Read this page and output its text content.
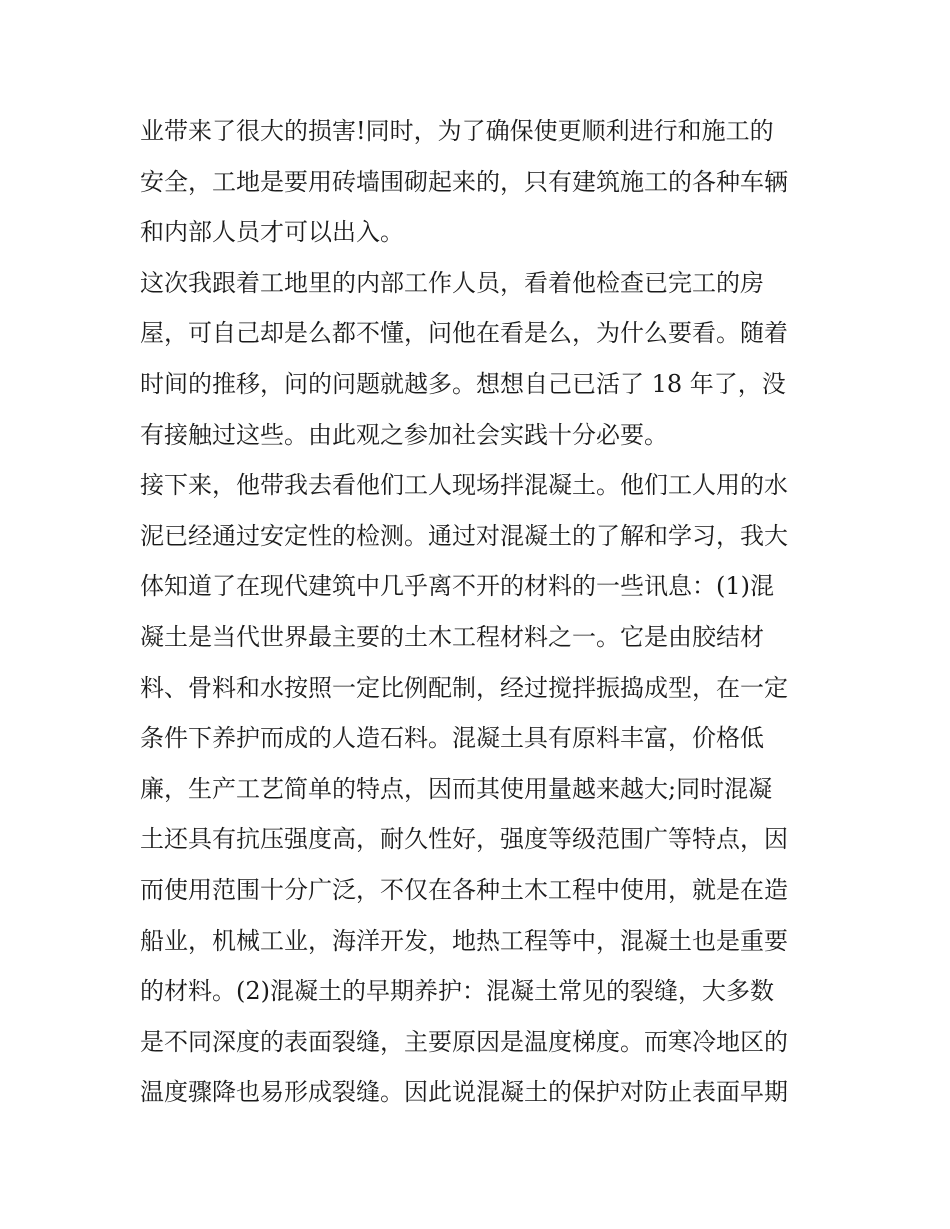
业带来了很大的损害!同时，为了确保使更顺利进行和施工的
安全，工地是要用砖墙围砌起来的，只有建筑施工的各种车辆
和内部人员才可以出入。
这次我跟着工地里的内部工作人员，看着他检查已完工的房
屋，可自己却是么都不懂，问他在看是么，为什么要看。随着
时间的推移，问的问题就越多。想想自己已活了 18 年了，没
有接触过这些。由此观之参加社会实践十分必要。
接下来，他带我去看他们工人现场拌混凝土。他们工人用的水
泥已经通过安定性的检测。通过对混凝土的了解和学习，我大
体知道了在现代建筑中几乎离不开的材料的一些讯息：(1)混
凝土是当代世界最主要的土木工程材料之一。它是由胶结材
料、骨料和水按照一定比例配制，经过搅拌振捣成型，在一定
条件下养护而成的人造石料。混凝土具有原料丰富，价格低
廉，生产工艺简单的特点，因而其使用量越来越大;同时混凝
土还具有抗压强度高，耐久性好，强度等级范围广等特点，因
而使用范围十分广泛，不仅在各种土木工程中使用，就是在造
船业，机械工业，海洋开发，地热工程等中，混凝土也是重要
的材料。(2)混凝土的早期养护：混凝土常见的裂缝，大多数
是不同深度的表面裂缝，主要原因是温度梯度。而寒冷地区的
温度骤降也易形成裂缝。因此说混凝土的保护对防止表面早期
